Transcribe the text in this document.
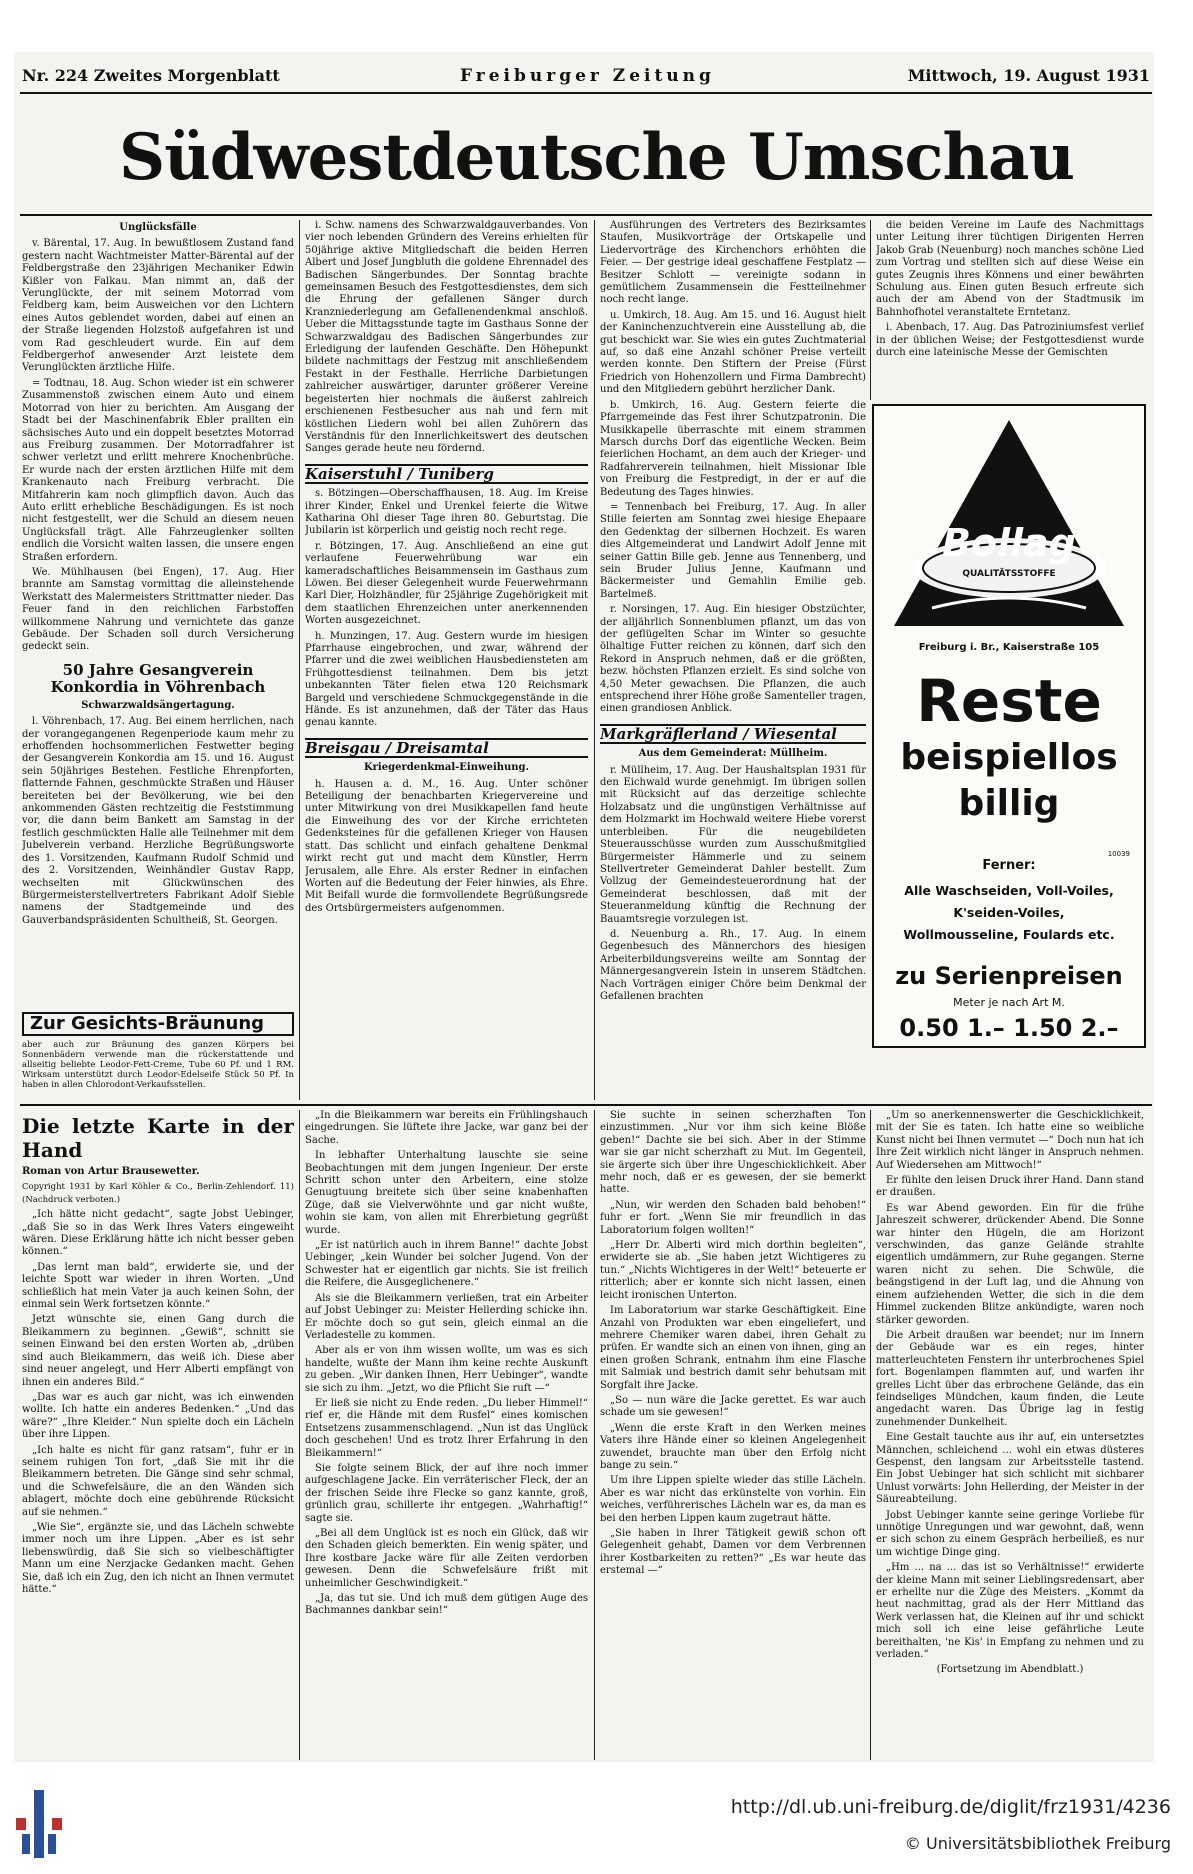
Nr. 224 Zweites Morgenblatt	Freiburger Zeitung	Mittwoch, 19. August 1931
Südwestdeutsche Umschau
Unglücksfälle

v. Bärental, 17. Aug. In bewußtlosem Zustand fand gestern nacht Wachtmeister Matter-Bärental auf der Feldbergstraße den 23jährigen Mechaniker Edwin Kißler von Falkau. Man nimmt an, daß der Verunglückte, der mit seinem Motorrad vom Feldberg kam, beim Ausweichen vor den Lichtern eines Autos geblendet worden, dabei auf einen an der Straße liegenden Holzstoß aufgefahren ist und vom Rad geschleudert wurde. Ein auf dem Feldbergerhof anwesender Arzt leistete dem Verunglückten ärztliche Hilfe.

= Todtnau, 18. Aug. Schon wieder ist ein schwerer Zusammenstoß zwischen einem Auto und einem Motorrad von hier zu berichten. Am Ausgang der Stadt bei der Maschinenfabrik Ebler prallten ein sächsisches Auto und ein doppelt besetztes Motorrad aus Freiburg zusammen. Der Motorradfahrer ist schwer verletzt und erlitt mehrere Knochenbrüche. Er wurde nach der ersten ärztlichen Hilfe mit dem Krankenauto nach Freiburg verbracht. Die Mitfahrerin kam noch glimpflich davon. Auch das Auto erlitt erhebliche Beschädigungen. Es ist noch nicht festgestellt, wer die Schuld an diesem neuen Unglücksfall trägt. Alle Fahrzeuglenker sollten endlich die Vorsicht walten lassen, die unsere engen Straßen erfordern.

We. Mühlhausen (bei Engen), 17. Aug. Hier brannte am Samstag vormittag die alleinstehende Werkstatt des Malermeisters Strittmatter nieder. Das Feuer fand in den reichlichen Farbstoffen willkommene Nahrung und vernichtete das ganze Gebäude. Der Schaden soll durch Versicherung gedeckt sein.

50 Jahre Gesangverein Konkordia in Vöhrenbach
Schwarzwaldsängertagung.

l. Vöhrenbach, 17. Aug. Bei einem herrlichen, nach der vorangegangenen Regenperiode kaum mehr zu erhoffenden hochsommerlichen Festwetter beging der Gesangverein Konkordia am 15. und 16. August sein 50jähriges Bestehen. Festliche Ehrenpforten, flatternde Fahnen, geschmückte Straßen und Häuser bereiteten bei der Bevölkerung, wie bei den ankommenden Gästen rechtzeitig die Feststimmung vor, die dann beim Bankett am Samstag in der festlich geschmückten Halle alle Teilnehmer mit dem Jubelverein verband. Herzliche Begrüßungsworte des 1. Vorsitzenden, Kaufmann Rudolf Schmid und des 2. Vorsitzenden, Weinhändler Gustav Rapp, wechselten mit Glückwünschen des Bürgermeisterstellvertreters Fabrikant Adolf Sieble namens der Stadtgemeinde und des Gauverbandspräsidenten Schultheiß, St. Georgen.

Zur Gesichts-Bräunung

aber auch zur Bräunung des ganzen Körpers bei Sonnenbädern verwende man die rückerstattende und allseitig beliebte Leodor-Fett-Creme, Tube 60 Pf. und 1 RM. Wirksam unterstützt durch Leodor-Edelseife Stück 50 Pf. In haben in allen Chlorodont-Verkaufsstellen.

i. Schw. namens des Schwarzwaldgauverbandes. Von vier noch lebenden Gründern des Vereins erhielten für 50jährige aktive Mitgliedschaft die beiden Herren Albert und Josef Jungbluth die goldene Ehrennadel des Badischen Sängerbundes. Der Sonntag brachte gemeinsamen Besuch des Festgottesdienstes, dem sich die Ehrung der gefallenen Sänger durch Kranzniederlegung am Gefallenendenkmal anschloß. Ueber die Mittagsstunde tagte im Gasthaus Sonne der Schwarzwaldgau des Badischen Sängerbundes zur Erledigung der laufenden Geschäfte. Den Höhepunkt bildete nachmittags der Festzug mit anschließendem Festakt in der Festhalle. Herrliche Darbietungen zahlreicher auswärtiger, darunter größerer Vereine begeisterten hier nochmals die äußerst zahlreich erschienenen Festbesucher aus nah und fern mit köstlichen Liedern wohl bei allen Zuhörern das Verständnis für den Innerlichkeitswert des deutschen Sanges gerade heute neu fördernd.

Kaiserstuhl / Tuniberg

s. Bötzingen—Oberschaffhausen, 18. Aug. Im Kreise ihrer Kinder, Enkel und Urenkel feierte die Witwe Katharina Ohl dieser Tage ihren 80. Geburtstag. Die Jubilarin ist körperlich und geistig noch recht rege.

r. Bötzingen, 17. Aug. Anschließend an eine gut verlaufene Feuerwehrübung war ein kameradschaftliches Beisammensein im Gasthaus zum Löwen. Bei dieser Gelegenheit wurde Feuerwehrmann Karl Dier, Holzhändler, für 25jährige Zugehörigkeit mit dem staatlichen Ehrenzeichen unter anerkennenden Worten ausgezeichnet.

h. Munzingen, 17. Aug. Gestern wurde im hiesigen Pfarrhause eingebrochen, und zwar, während der Pfarrer und die zwei weiblichen Hausbediensteten am Frühgottesdienst teilnahmen. Dem bis jetzt unbekannten Täter fielen etwa 120 Reichsmark Bargeld und verschiedene Schmuckgegenstände in die Hände. Es ist anzunehmen, daß der Täter das Haus genau kannte.

Breisgau / Dreisamtal
Kriegerdenkmal-Einweihung.

h. Hausen a. d. M., 16. Aug. Unter schöner Beteiligung der benachbarten Kriegervereine und unter Mitwirkung von drei Musikkapellen fand heute die Einweihung des vor der Kirche errichteten Gedenksteines für die gefallenen Krieger von Hausen statt. Das schlicht und einfach gehaltene Denkmal wirkt recht gut und macht dem Künstler, Herrn Jerusalem, alle Ehre. Als erster Redner in einfachen Worten auf die Bedeutung der Feier hinwies, als Ehre. Mit Beifall wurde die formvollendete Begrüßungsrede des Ortsbürgermeisters aufgenommen.

Ausführungen des Vertreters des Bezirksamtes Staufen, Musikvorträge der Ortskapelle und Liedervorträge des Kirchenchors erhöhten die Feier. — Der gestrige ideal geschaffene Festplatz — Besitzer Schlott — vereinigte sodann in gemütlichem Zusammensein die Festteilnehmer noch recht lange.

u. Umkirch, 18. Aug. Am 15. und 16. August hielt der Kaninchenzuchtverein eine Ausstellung ab, die gut beschickt war. Sie wies ein gutes Zuchtmaterial auf, so daß eine Anzahl schöner Preise verteilt werden konnte. Den Stiftern der Preise (Fürst Friedrich von Hohenzollern und Firma Dambrecht) und den Mitgliedern gebührt herzlicher Dank.

b. Umkirch, 16. Aug. Gestern feierte die Pfarrgemeinde das Fest ihrer Schutzpatronin. Die Musikkapelle überraschte mit einem strammen Marsch durchs Dorf das eigentliche Wecken. Beim feierlichen Hochamt, an dem auch der Krieger- und Radfahrerverein teilnahmen, hielt Missionar Ible von Freiburg die Festpredigt, in der er auf die Bedeutung des Tages hinwies.

= Tennenbach bei Freiburg, 17. Aug. In aller Stille feierten am Sonntag zwei hiesige Ehepaare den Gedenktag der silbernen Hochzeit. Es waren dies Altgemeinderat und Landwirt Adolf Jenne mit seiner Gattin Bille geb. Jenne aus Tennenberg, und sein Bruder Julius Jenne, Kaufmann und Bäckermeister und Gemahlin Emilie geb. Bartelmeß.

r. Norsingen, 17. Aug. Ein hiesiger Obstzüchter, der alljährlich Sonnenblumen pflanzt, um das von der geflügelten Schar im Winter so gesuchte ölhaltige Futter reichen zu können, darf sich den Rekord in Anspruch nehmen, daß er die größten, bezw. höchsten Pflanzen erzielt. Es sind solche von 4,50 Meter gewachsen. Die Pflanzen, die auch entsprechend ihrer Höhe große Samenteller tragen, einen grandiosen Anblick.

Markgräflerland / Wiesental
Aus dem Gemeinderat: Müllheim.

r. Müllheim, 17. Aug. Der Haushaltsplan 1931 für den Eichwald wurde genehmigt. Im übrigen sollen mit Rücksicht auf das derzeitige schlechte Holzabsatz und die ungünstigen Verhältnisse auf dem Holzmarkt im Hochwald weitere Hiebe vorerst unterbleiben. Für die neugebildeten Steuerausschüsse wurden zum Ausschußmitglied Bürgermeister Hämmerle und zu seinem Stellvertreter Gemeinderat Dahler bestellt. Zum Vollzug der Gemeindesteuerordnung hat der Gemeinderat beschlossen, daß mit der Steueranmeldung künftig die Rechnung der Bauamtsregie vorzulegen ist.

d. Neuenburg a. Rh., 17. Aug. In einem Gegenbesuch des Männerchors des hiesigen Arbeiterbildungsvereins weilte am Sonntag der Männergesangverein Istein in unserem Städtchen. Nach Vorträgen einiger Chöre beim Denkmal der Gefallenen brachten

die beiden Vereine im Laufe des Nachmittags unter Leitung ihrer tüchtigen Dirigenten Herren Jakob Grab (Neuenburg) noch manches schöne Lied zum Vortrag und stellten sich auf diese Weise ein gutes Zeugnis ihres Könnens und einer bewährten Schulung aus. Einen guten Besuch erfreute sich auch der am Abend von der Stadtmusik im Bahnhofhotel veranstaltete Erntetanz.

i. Abenbach, 17. Aug. Das Patroziniumsfest verlief in der üblichen Weise; der Festgottesdienst wurde durch eine lateinische Messe der Gemischten

Bollag
QUALITÄTSSTOFFE
Freiburg i. Br., Kaiserstraße 105
Reste
beispiellos
billig
10039
Ferner:
Alle Waschseiden, Voll-Voiles,
K'seiden-Voiles,
Wollmousseline, Foulards etc.
zu Serienpreisen
Meter je nach Art M.
0.50 1.– 1.50 2.–
Die letzte Karte in der Hand

Roman von Artur Brausewetter.

Copyright 1931 by Karl Köhler & Co., Berlin-Zehlendorf. 11) (Nachdruck verboten.)

„Ich hätte nicht gedacht“, sagte Jobst Uebinger, „daß Sie so in das Werk Ihres Vaters eingeweiht wären. Diese Erklärung hätte ich nicht besser geben können.“

„Das lernt man bald“, erwiderte sie, und der leichte Spott war wieder in ihren Worten. „Und schließlich hat mein Vater ja auch keinen Sohn, der einmal sein Werk fortsetzen könnte.“

Jetzt wünschte sie, einen Gang durch die Bleikammern zu beginnen. „Gewiß“, schnitt sie seinen Einwand bei den ersten Worten ab, „drüben sind auch Bleikammern, das weiß ich. Diese aber sind neuer angelegt, und Herr Alberti empfängt von ihnen ein anderes Bild.“

„Das war es auch gar nicht, was ich einwenden wollte. Ich hatte ein anderes Bedenken.“ „Und das wäre?“ „Ihre Kleider.“ Nun spielte doch ein Lächeln über ihre Lippen.

„Ich halte es nicht für ganz ratsam“, fuhr er in seinem ruhigen Ton fort, „daß Sie mit ihr die Bleikammern betreten. Die Gänge sind sehr schmal, und die Schwefelsäure, die an den Wänden sich ablagert, möchte doch eine gebührende Rücksicht auf sie nehmen.“

„Wie Sie“, ergänzte sie, und das Lächeln schwebte immer noch um ihre Lippen. „Aber es ist sehr liebenswürdig, daß Sie sich so vielbeschäftigter Mann um eine Nerzjacke Gedanken macht. Gehen Sie, daß ich ein Zug, den ich nicht an Ihnen vermutet hätte.“

„In die Bleikammern war bereits ein Frühlingshauch eingedrungen. Sie lüftete ihre Jacke, war ganz bei der Sache.

In lebhafter Unterhaltung lauschte sie seine Beobachtungen mit dem jungen Ingenieur. Der erste Schritt schon unter den Arbeitern, eine stolze Genugtuung breitete sich über seine knabenhaften Züge, daß sie Vielverwöhnte und gar nicht wußte, wohin sie kam, von allen mit Ehrerbietung gegrüßt wurde.

„Er ist natürlich auch in ihrem Banne!“ dachte Jobst Uebinger, „kein Wunder bei solcher Jugend. Von der Schwester hat er eigentlich gar nichts. Sie ist freilich die Reifere, die Ausgeglichenere.“

Als sie die Bleikammern verließen, trat ein Arbeiter auf Jobst Uebinger zu: Meister Hellerding schicke ihn. Er möchte doch so gut sein, gleich einmal an die Verladestelle zu kommen.

Aber als er von ihm wissen wollte, um was es sich handelte, wußte der Mann ihm keine rechte Auskunft zu geben. „Wir danken Ihnen, Herr Uebinger“, wandte sie sich zu ihm. „Jetzt, wo die Pflicht Sie ruft —“

Er ließ sie nicht zu Ende reden. „Du lieber Himmel!“ rief er, die Hände mit dem Rusfel“ eines komischen Entsetzens zusammenschlagend. „Nun ist das Unglück doch geschehen! Und es trotz Ihrer Erfahrung in den Bleikammern!“

Sie folgte seinem Blick, der auf ihre noch immer aufgeschlagene Jacke. Ein verräterischer Fleck, der an der frischen Seide ihre Flecke so ganz kannte, groß, grünlich grau, schillerte ihr entgegen. „Wahrhaftig!“ sagte sie.

„Bei all dem Unglück ist es noch ein Glück, daß wir den Schaden gleich bemerkten. Ein wenig später, und Ihre kostbare Jacke wäre für alle Zeiten verdorben gewesen. Denn die Schwefelsäure frißt mit unheimlicher Geschwindigkeit.“

„Ja, das tut sie. Und ich muß dem gütigen Auge des Bachmannes dankbar sein!“

Sie suchte in seinen scherzhaften Ton einzustimmen. „Nur vor ihm sich keine Blöße geben!“ Dachte sie bei sich. Aber in der Stimme war sie gar nicht scherzhaft zu Mut. Im Gegenteil, sie ärgerte sich über ihre Ungeschicklichkeit. Aber mehr noch, daß er es gewesen, der sie bemerkt hatte.

„Nun, wir werden den Schaden bald behoben!“ fuhr er fort. „Wenn Sie mir freundlich in das Laboratorium folgen wollten!“

„Herr Dr. Alberti wird mich dorthin begleiten“, erwiderte sie ab. „Sie haben jetzt Wichtigeres zu tun.“ „Nichts Wichtigeres in der Welt!“ beteuerte er ritterlich; aber er konnte sich nicht lassen, einen leicht ironischen Unterton.

Im Laboratorium war starke Geschäftigkeit. Eine Anzahl von Produkten war eben eingeliefert, und mehrere Chemiker waren dabei, ihren Gehalt zu prüfen. Er wandte sich an einen von ihnen, ging an einen großen Schrank, entnahm ihm eine Flasche mit Salmiak und bestrich damit sehr behutsam mit Sorgfalt ihre Jacke.

„So — nun wäre die Jacke gerettet. Es war auch schade um sie gewesen!“

„Wenn die erste Kraft in den Werken meines Vaters ihre Hände einer so kleinen Angelegenheit zuwendet, brauchte man über den Erfolg nicht bange zu sein.“

Um ihre Lippen spielte wieder das stille Lächeln. Aber es war nicht das erkünstelte von vorhin. Ein weiches, verführerisches Lächeln war es, da man es bei den herben Lippen kaum zugetraut hätte.

„Sie haben in Ihrer Tätigkeit gewiß schon oft Gelegenheit gehabt, Damen vor dem Verbrennen ihrer Kostbarkeiten zu retten?“ „Es war heute das erstemal —“

„Um so anerkennenswerter die Geschicklichkeit, mit der Sie es taten. Ich hatte eine so weibliche Kunst nicht bei Ihnen vermutet —“ Doch nun hat ich Ihre Zeit wirklich nicht länger in Anspruch nehmen. Auf Wiedersehen am Mittwoch!“

Er fühlte den leisen Druck ihrer Hand. Dann stand er draußen.

Es war Abend geworden. Ein für die frühe Jahreszeit schwerer, drückender Abend. Die Sonne war hinter den Hügeln, die am Horizont verschwinden, das ganze Gelände strahlte eigentlich umdämmern, zur Ruhe gegangen. Sterne waren nicht zu sehen. Die Schwüle, die beängstigend in der Luft lag, und die Ahnung von einem aufziehenden Wetter, die sich in die dem Himmel zuckenden Blitze ankündigte, waren noch stärker geworden.

Die Arbeit draußen war beendet; nur im Innern der Gebäude war es ein reges, hinter matterleuchteten Fenstern ihr unterbrochenes Spiel fort. Bogenlampen flammten auf, und warfen ihr grelles Licht über das erbrochene Gelände, das ein feindseliges Mündchen, kaum finden, die Leute angedacht waren. Das Übrige lag in festig zunehmender Dunkelheit.

Eine Gestalt tauchte aus ihr auf, ein untersetztes Männchen, schleichend ... wohl ein etwas düsteres Gespenst, den langsam zur Arbeitsstelle tastend. Ein Jobst Uebinger hat sich schlicht mit sichbarer Unlust vorwärts: John Hellerding, der Meister in der Säureabteilung.

Jobst Uebinger kannte seine geringe Vorliebe für unnötige Unregungen und war gewohnt, daß, wenn er sich schon zu einem Gespräch herbeiließ, es nur um wichtige Dinge ging.

„Hm ... na ... das ist so Verhältnisse!“ erwiderte der kleine Mann mit seiner Lieblingsredensart, aber er erhellte nur die Züge des Meisters. „Kommt da heut nachmittag, grad als der Herr Mittland das Werk verlassen hat, die Kleinen auf ihr und schickt mich soll ich eine leise gefährliche Leute bereithalten, 'ne Kis' in Empfang zu nehmen und zu verladen.“

(Fortsetzung im Abendblatt.)

http://dl.ub.uni-freiburg.de/diglit/frz1931/4236
© Universitätsbibliothek Freiburg
